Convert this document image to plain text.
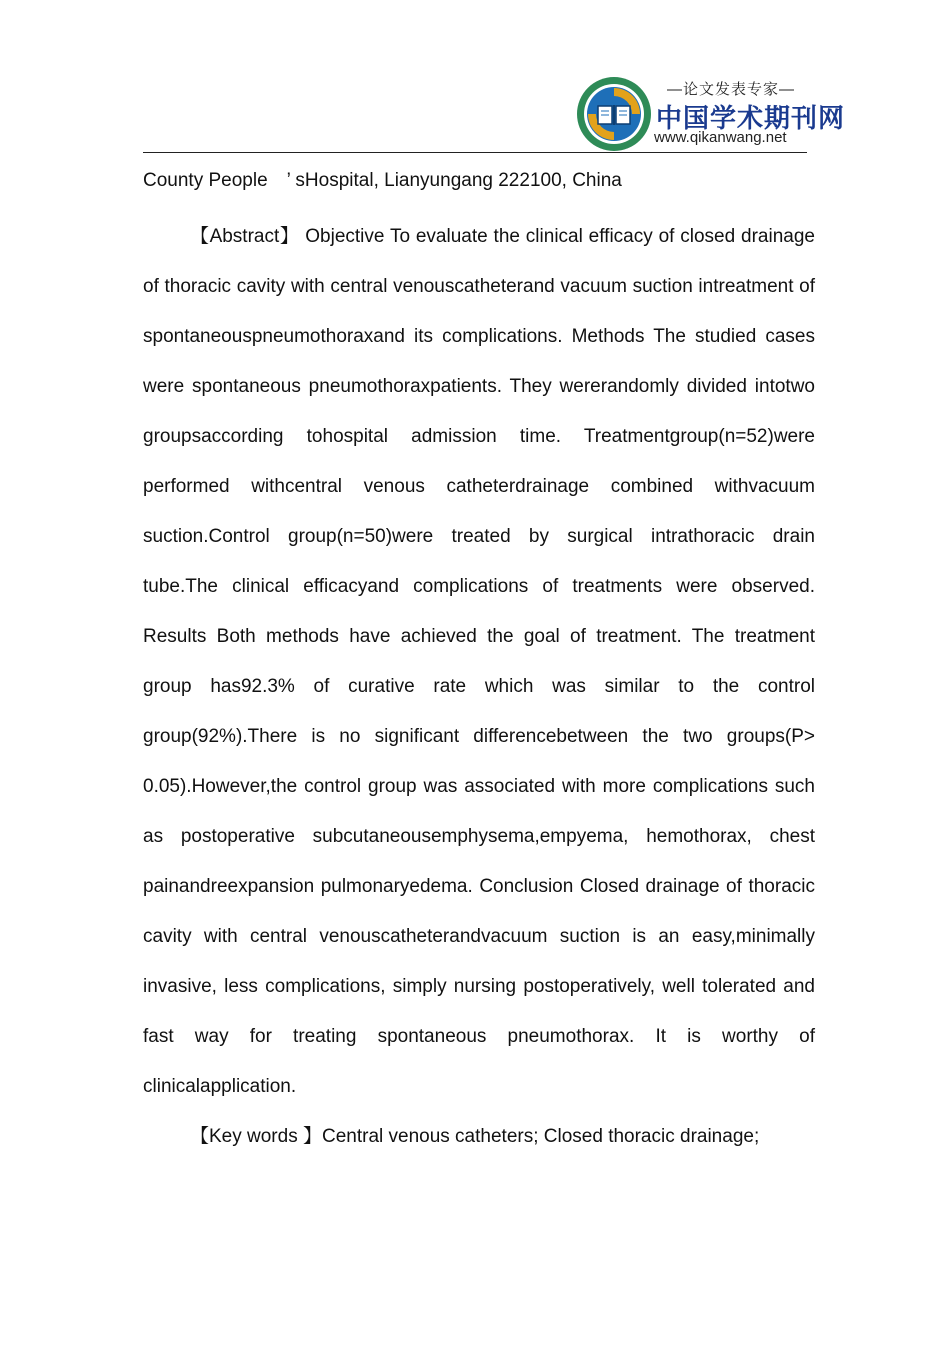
—论文发表专家—
中国学术期刊网
www.qikanwang.net

County People　’ sHospital, Lianyungang 222100, China

【Abstract】 Objective To evaluate the clinical efficacy of closed drainage of thoracic cavity with central venouscatheterand vacuum suction intreatment of spontaneouspneumothoraxand its complications. Methods The studied cases were spontaneous pneumothoraxpatients. They wererandomly divided intotwo groupsaccording tohospital admission time. Treatmentgroup(n=52)were performed withcentral venous catheterdrainage combined withvacuum suction.Control group(n=50)were treated by surgical intrathoracic drain tube.The clinical efficacyand complications of treatments were observed. Results Both methods have achieved the goal of treatment. The treatment group has92.3% of curative rate which was similar to the control group(92%).There is no significant differencebetween the two groups(P> 0.05).However,the control group was associated with more complications such as postoperative subcutaneousemphysema,empyema, hemothorax, chest painandreexpansion pulmonaryedema. Conclusion Closed drainage of thoracic cavity with central venouscatheterandvacuum suction is an easy,minimally invasive, less complications, simply nursing postoperatively, well tolerated and fast way for treating spontaneous pneumothorax. It is worthy of clinicalapplication.

【Key words 】Central venous catheters; Closed thoracic drainage;
